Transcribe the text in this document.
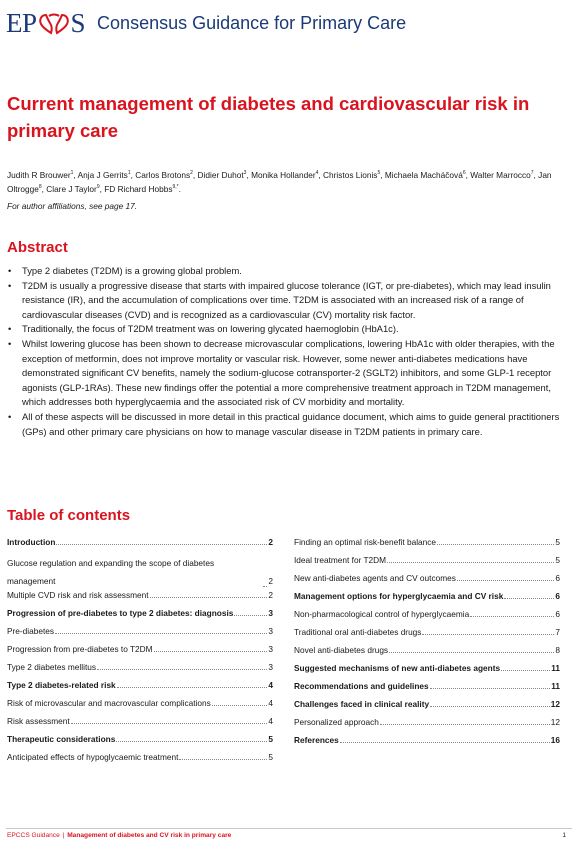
EP S Consensus Guidance for Primary Care
Current management of diabetes and cardiovascular risk in primary care
Judith R Brouwer$^1$, Anja J Gerrits$^1$, Carlos Brotons$^2$, Didier Duhot$^3$, Monika Hollander$^4$, Christos Lionis$^5$, Michaela Macháčová$^6$, Walter Marrocco$^7$, Jan Oltrogge$^8$, Clare J Taylor$^9$, FD Richard Hobbs$^{9,*}$.
For author affiliations, see page 17.
Abstract
• Type 2 diabetes (T2DM) is a growing global problem.
• T2DM is usually a progressive disease that starts with impaired glucose tolerance (IGT, or pre-diabetes), which may lead insulin resistance (IR), and the accumulation of complications over time. T2DM is associated with an increased risk of a range of cardiovascular diseases (CVD) and is recognized as a cardiovascular (CV) mortality risk factor.
• Traditionally, the focus of T2DM treatment was on lowering glycated haemoglobin (HbA1c).
• Whilst lowering glucose has been shown to decrease microvascular complications, lowering HbA1c with older therapies, with the exception of metformin, does not improve mortality or vascular risk. However, some newer anti-diabetes medications have demonstrated significant CV benefits, namely the sodium-glucose cotransporter-2 (SGLT2) inhibitors, and some GLP-1 receptor agonists (GLP-1RAs). These new findings offer the potential a more comprehensive treatment approach in T2DM management, which addresses both hyperglycaemia and the associated risk of CV morbidity and mortality.
• All of these aspects will be discussed in more detail in this practical guidance document, which aims to guide general practitioners (GPs) and other primary care physicians on how to manage vascular disease in T2DM patients in primary care.
Table of contents
Introduction	2
Glucose regulation and expanding the scope of diabetes management	2
Multiple CVD risk and risk assessment	2
Progression of pre-diabetes to type 2 diabetes: diagnosis	3
Pre-diabetes	3
Progression from pre-diabetes to T2DM	3
Type 2 diabetes mellitus	3
Type 2 diabetes-related risk	4
Risk of microvascular and macrovascular complications	4
Risk assessment	4
Therapeutic considerations	5
Anticipated effects of hypoglycaemic treatment	5
Finding an optimal risk-benefit balance	5
Ideal treatment for T2DM	5
New anti-diabetes agents and CV outcomes	6
Management options for hyperglycaemia and CV risk	6
Non-pharmacological control of hyperglycaemia	6
Traditional oral anti-diabetes drugs	7
Novel anti-diabetes drugs	8
Suggested mechanisms of new anti-diabetes agents	11
Recommendations and guidelines	11
Challenges faced in clinical reality	12
Personalized approach	12
References	16
EPCCS Guidance | Management of diabetes and CV risk in primary care	1
